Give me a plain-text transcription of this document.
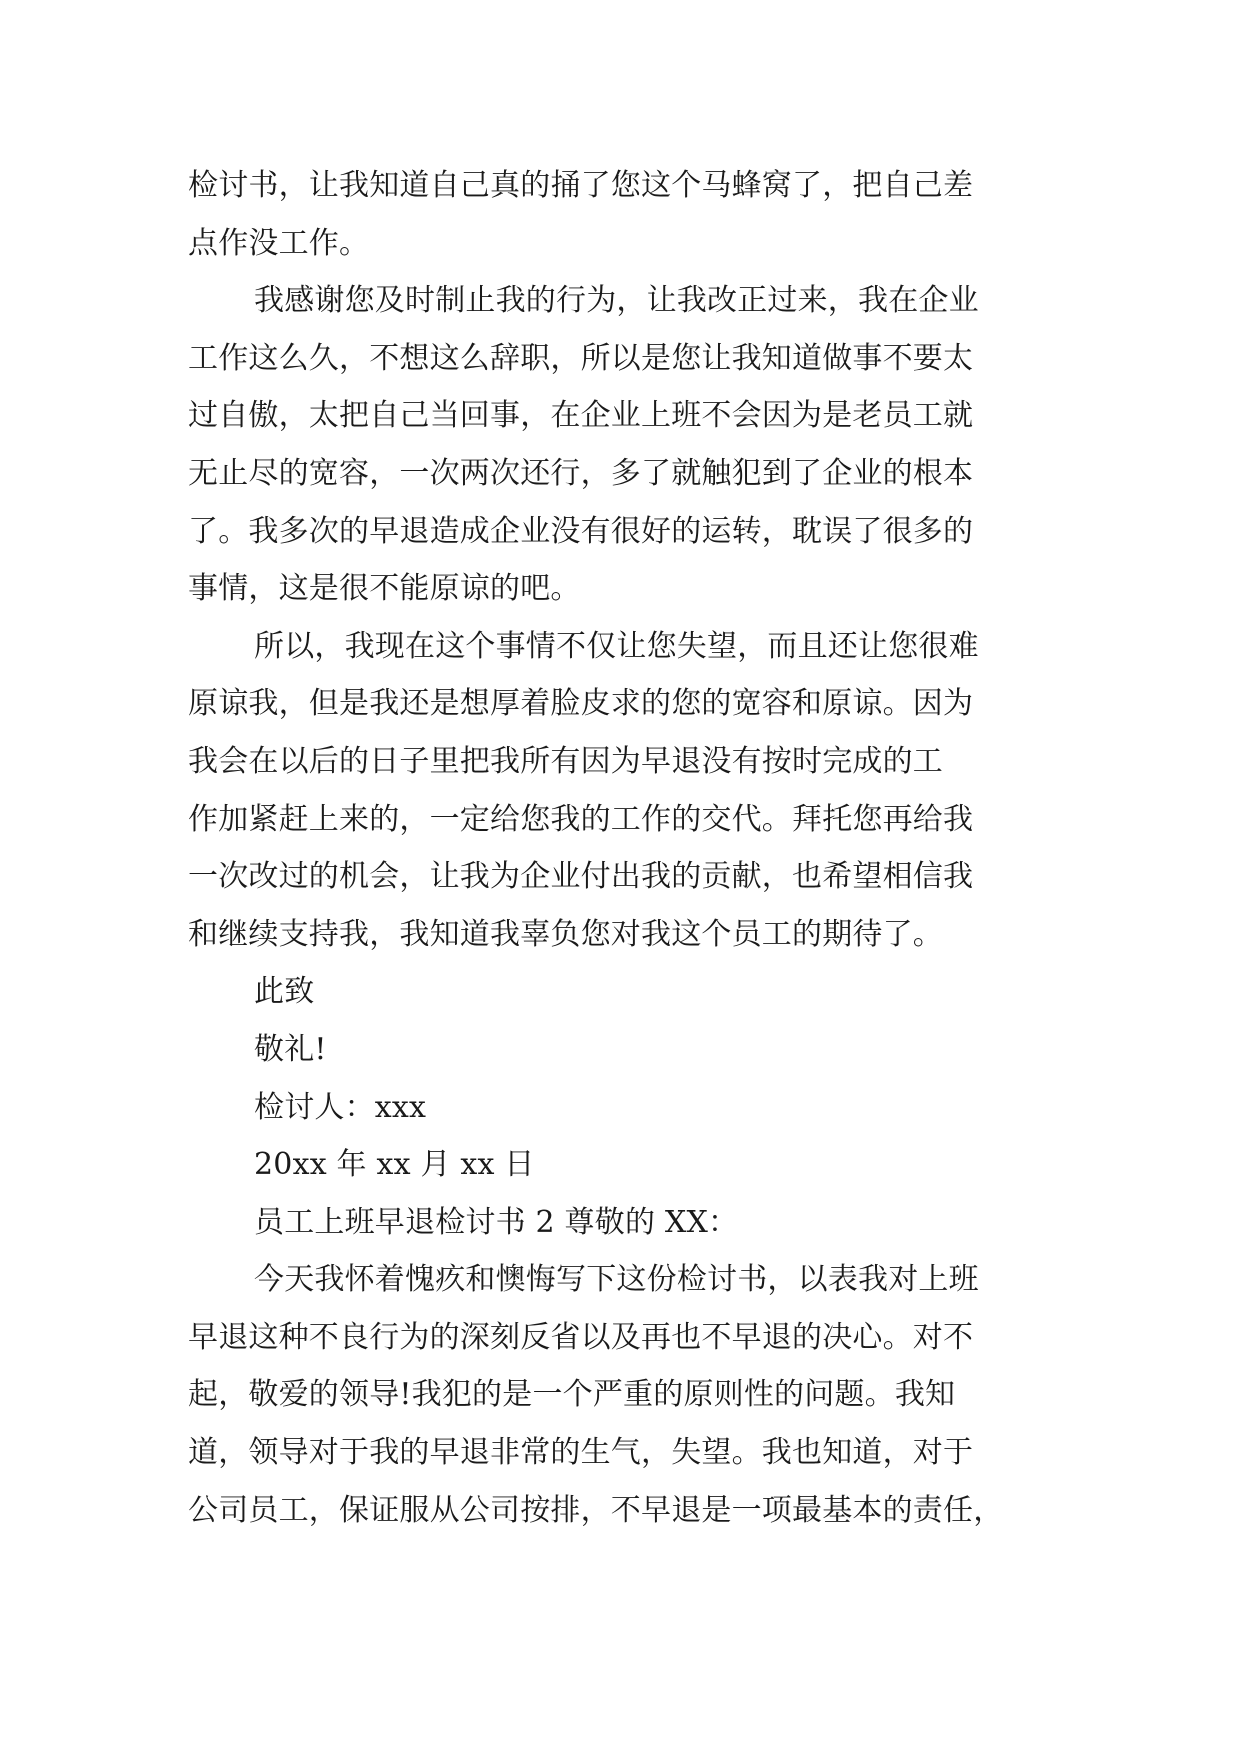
检讨书，让我知道自己真的捅了您这个马蜂窝了，把自己差
点作没工作。
我感谢您及时制止我的行为，让我改正过来，我在企业
工作这么久，不想这么辞职，所以是您让我知道做事不要太
过自傲，太把自己当回事，在企业上班不会因为是老员工就
无止尽的宽容，一次两次还行，多了就触犯到了企业的根本
了。我多次的早退造成企业没有很好的运转，耽误了很多的
事情，这是很不能原谅的吧。
所以，我现在这个事情不仅让您失望，而且还让您很难
原谅我，但是我还是想厚着脸皮求的您的宽容和原谅。因为
我会在以后的日子里把我所有因为早退没有按时完成的工
作加紧赶上来的，一定给您我的工作的交代。拜托您再给我
一次改过的机会，让我为企业付出我的贡献，也希望相信我
和继续支持我，我知道我辜负您对我这个员工的期待了。
此致
敬礼!
检讨人：xxx
20xx 年 xx 月 xx 日
员工上班早退检讨书 2 尊敬的 XX：
今天我怀着愧疚和懊悔写下这份检讨书，以表我对上班
早退这种不良行为的深刻反省以及再也不早退的决心。对不
起，敬爱的领导!我犯的是一个严重的原则性的问题。我知
道，领导对于我的早退非常的生气，失望。我也知道，对于
公司员工，保证服从公司按排，不早退是一项最基本的责任，
